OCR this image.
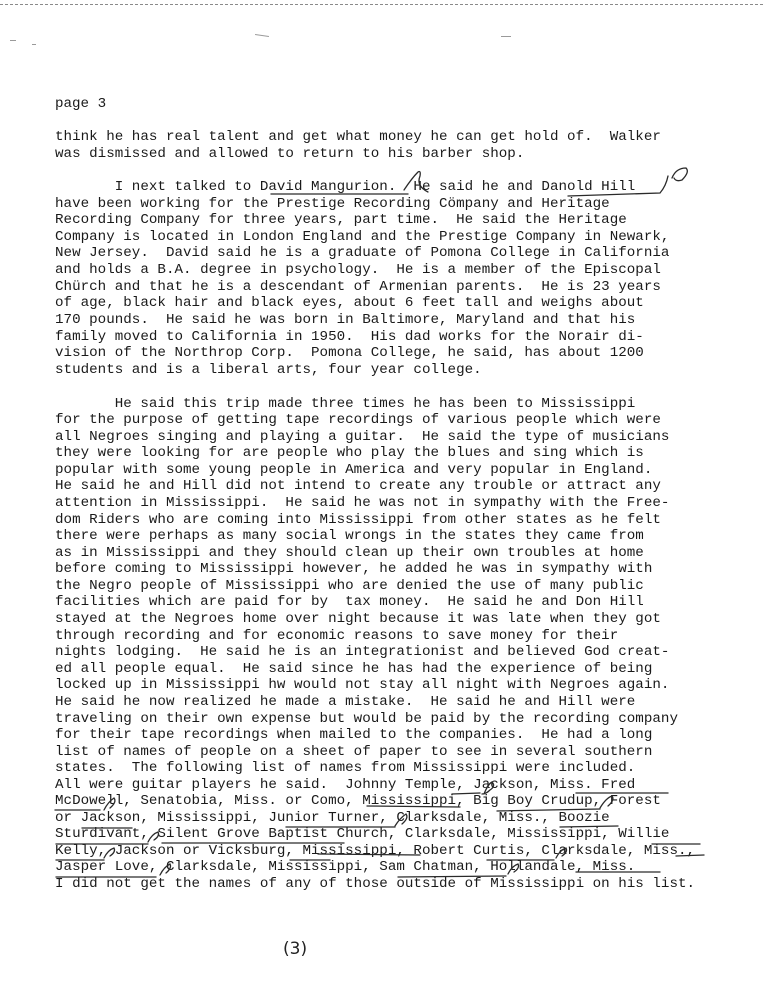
page 3
think he has real talent and get what money he can get hold of.  Walker
was dismissed and allowed to return to his barber shop.
I next talked to David Mangurion.  He said he and Danold Hill
have been working for the Prestige Recording Cömpany and Heritage
Recording Company for three years, part time.  He said the Heritage
Company is located in London England and the Prestige Company in Newark,
New Jersey.  David said he is a graduate of Pomona College in California
and holds a B.A. degree in psychology.  He is a member of the Episcopal
Chürch and that he is a descendant of Armenian parents.  He is 23 years
of age, black hair and black eyes, about 6 feet tall and weighs about
170 pounds.  He said he was born in Baltimore, Maryland and that his
family moved to California in 1950.  His dad works for the Norair di-
vision of the Northrop Corp.  Pomona College, he said, has about 1200
students and is a liberal arts, four year college.
He said this trip made three times he has been to Mississippi
for the purpose of getting tape recordings of various people which were
all Negroes singing and playing a guitar.  He said the type of musicians
they were looking for are people who play the blues and sing which is
popular with some young people in America and very popular in England.
He said he and Hill did not intend to create any trouble or attract any
attention in Mississippi.  He said he was not in sympathy with the Free-
dom Riders who are coming into Mississippi from other states as he felt
there were perhaps as many social wrongs in the states they came from
as in Mississippi and they should clean up their own troubles at home
before coming to Mississippi however, he added he was in sympathy with
the Negro people of Mississippi who are denied the use of many public
facilities which are paid for by  tax money.  He said he and Don Hill
stayed at the Negroes home over night because it was late when they got
through recording and for economic reasons to save money for their
nights lodging.  He said he is an integrationist and believed God creat-
ed all people equal.  He said since he has had the experience of being
locked up in Mississippi hw would not stay all night with Negroes again.
He said he now realized he made a mistake.  He said he and Hill were
traveling on their own expense but would be paid by the recording company
for their tape recordings when mailed to the companies.  He had a long
list of names of people on a sheet of paper to see in several southern
states.  The following list of names from Mississippi were included.
All were guitar players he said.  Johnny Temple, Jackson, Miss. Fred
McDowell, Senatobia, Miss. or Como, Mississippi, Big Boy Crudup, Forest
or Jackson, Mississippi, Junior Turner, Clarksdale, Miss., Boozie
Sturdivant, Silent Grove Baptist Church, Clarksdale, Mississippi, Willie
Kelly, Jackson or Vicksburg, Mississippi, Robert Curtis, Clarksdale, Miss.,
Jasper Love, Clarksdale, Mississippi, Sam Chatman, Hollandale, Miss.
I did not get the names of any of those outside of Mississippi on his list.
(3)
